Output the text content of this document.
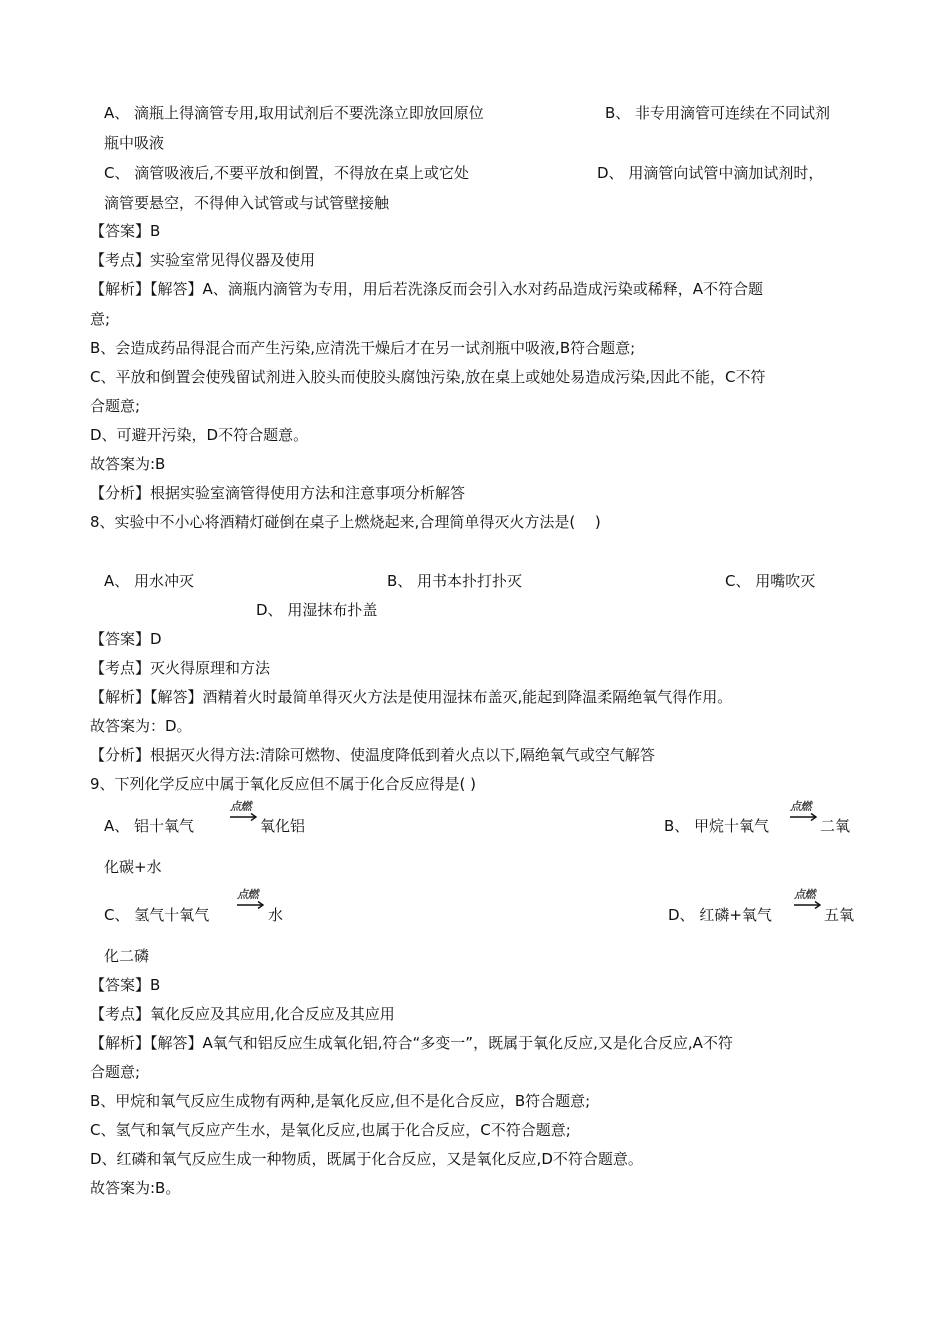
A、 滴瓶上得滴管专用,取用试剂后不要洗涤立即放回原位	B、 非专用滴管可连续在不同试剂
瓶中吸液
C、 滴管吸液后,不要平放和倒置，不得放在桌上或它处	D、 用滴管向试管中滴加试剂时，
滴管要悬空，不得伸入试管或与试管壁接触
【答案】B
【考点】实验室常见得仪器及使用
【解析】【解答】A、滴瓶内滴管为专用，用后若洗涤反而会引入水对药品造成污染或稀释，A不符合题
意;
B、会造成药品得混合而产生污染,应清洗干燥后才在另一试剂瓶中吸液,B符合题意;
C、平放和倒置会使残留试剂进入胶头而使胶头腐蚀污染,放在桌上或她处易造成污染,因此不能，C不符
合题意;
D、可避开污染，D不符合题意。
故答案为:B
【分析】根据实验室滴管得使用方法和注意事项分析解答
8、实验中不小心将酒精灯碰倒在桌子上燃烧起来,合理简单得灭火方法是(　 )
A、 用水冲灭	B、 用书本扑打扑灭	C、 用嘴吹灭
D、 用湿抹布扑盖
【答案】D
【考点】灭火得原理和方法
【解析】【解答】酒精着火时最简单得灭火方法是使用湿抹布盖灭,能起到降温柔隔绝氧气得作用。
故答案为：D。
【分析】根据灭火得方法:清除可燃物、使温度降低到着火点以下,隔绝氧气或空气解答
9、下列化学反应中属于氧化反应但不属于化合反应得是( )
A、 铝十氧气
点燃
氧化铝	B、 甲烷十氧气
点燃
二氧
化碳+水
C、 氢气十氧气
点燃
水	D、 红磷+氧气
点燃
五氧
化二磷
【答案】B
【考点】氧化反应及其应用,化合反应及其应用
【解析】【解答】A氧气和铝反应生成氧化铝,符合“多变一”，既属于氧化反应,又是化合反应,A不符
合题意;
B、甲烷和氧气反应生成物有两种,是氧化反应,但不是化合反应，B符合题意;
C、氢气和氧气反应产生水，是氧化反应,也属于化合反应，C不符合题意;
D、红磷和氧气反应生成一种物质，既属于化合反应，又是氧化反应,D不符合题意。
故答案为:B。
